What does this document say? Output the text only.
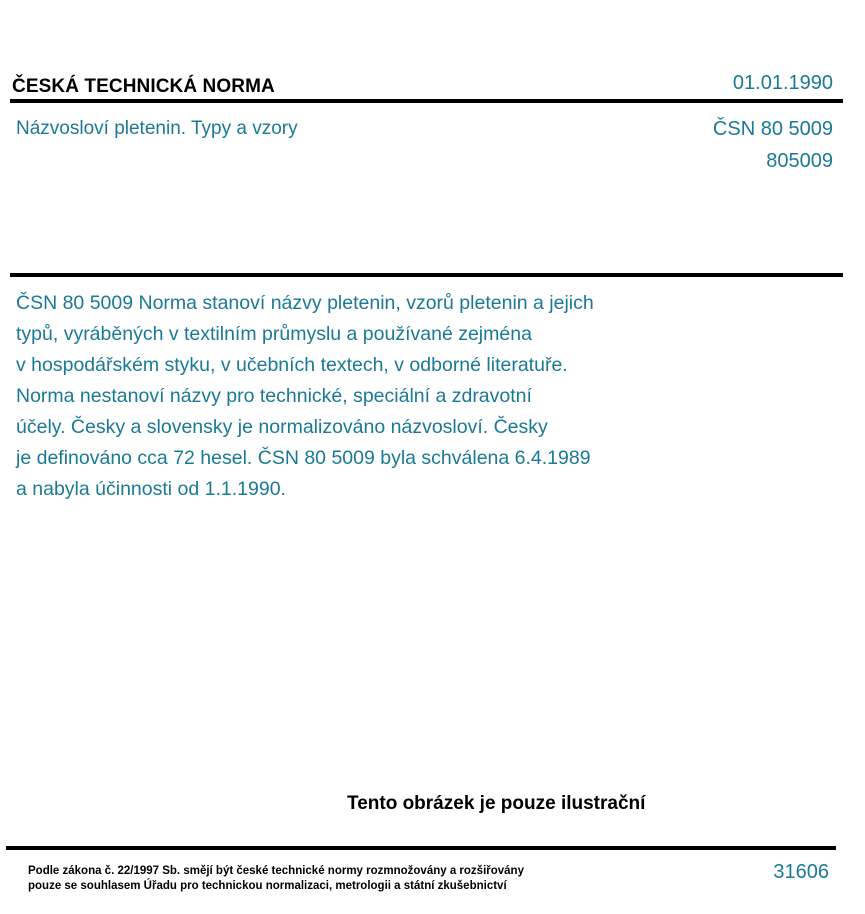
ČESKÁ TECHNICKÁ NORMA	01.01.1990
Názvosloví pletenin. Typy a vzory	ČSN 80 5009
805009
ČSN 80 5009 Norma stanoví názvy pletenin, vzorů pletenin a jejich
typů, vyráběných v textilním průmyslu a používané zejména
v hospodářském styku, v učebních textech, v odborné literatuře.
Norma nestanoví názvy pro technické, speciální a zdravotní
účely. Česky a slovensky je normalizováno názvosloví. Česky
je definováno cca 72 hesel. ČSN 80 5009 byla schválena 6.4.1989
a nabyla účinnosti od 1.1.1990.
Tento obrázek je pouze ilustrační
Podle zákona č. 22/1997 Sb. smějí být české technické normy rozmnožovány a rozšiřovány
pouze se souhlasem Úřadu pro technickou normalizaci, metrologii a státní zkušebnictví
31606
